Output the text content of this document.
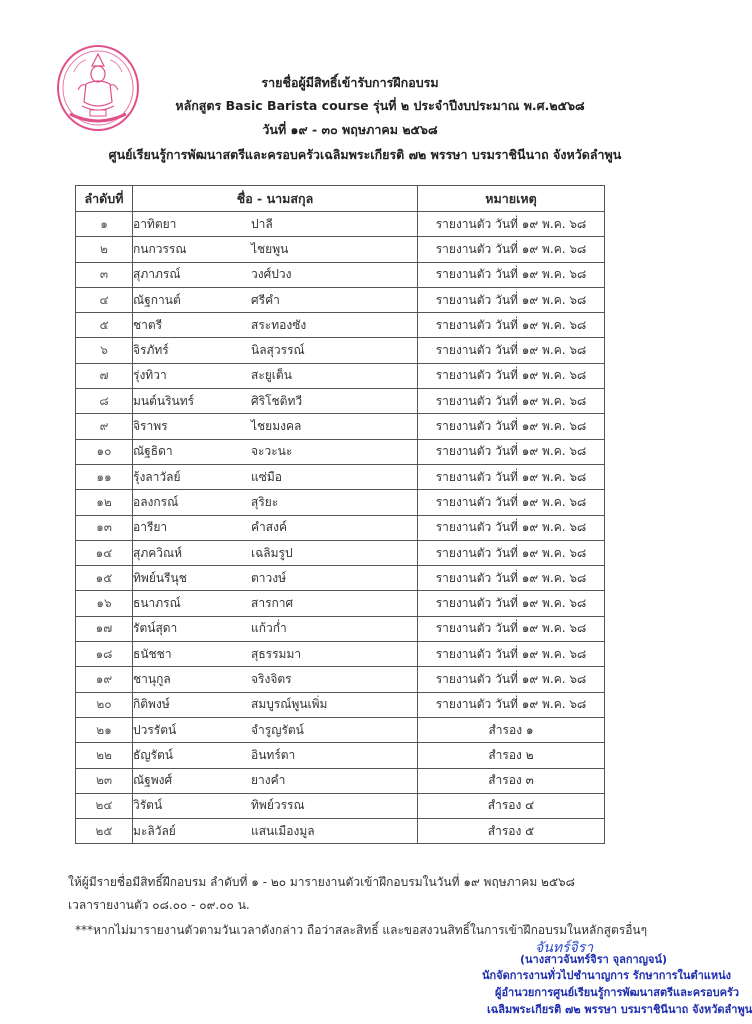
รายชื่อผู้มีสิทธิ์เข้ารับการฝึกอบรม
หลักสูตร Basic Barista course รุ่นที่ ๒ ประจำปีงบประมาณ พ.ศ.๒๕๖๘
วันที่ ๑๙ - ๓๐ พฤษภาคม ๒๕๖๘
ศูนย์เรียนรู้การพัฒนาสตรีและครอบครัวเฉลิมพระเกียรติ ๗๒ พรรษา บรมราชินีนาถ จังหวัดลำพูน
ลำดับที่	ชื่อ - นามสกุล	หมายเหตุ
๑	อาทิตยา ปาลี	รายงานตัว วันที่ ๑๙ พ.ค. ๖๘
๒	กนกวรรณ ไชยพูน	รายงานตัว วันที่ ๑๙ พ.ค. ๖๘
๓	สุภาภรณ์ วงศ์ปวง	รายงานตัว วันที่ ๑๙ พ.ค. ๖๘
๔	ณัฐกานต์ ศรีคำ	รายงานตัว วันที่ ๑๙ พ.ค. ๖๘
๕	ชาตรี สระทองซัง	รายงานตัว วันที่ ๑๙ พ.ค. ๖๘
๖	จิรภัทร์ นิลสุวรรณ์	รายงานตัว วันที่ ๑๙ พ.ค. ๖๘
๗	รุ่งทิวา สะยูเต็น	รายงานตัว วันที่ ๑๙ พ.ค. ๖๘
๘	มนต์นรินทร์ ศิริโชติทวี	รายงานตัว วันที่ ๑๙ พ.ค. ๖๘
๙	จิราพร ไชยมงคล	รายงานตัว วันที่ ๑๙ พ.ค. ๖๘
๑๐	ณัฐธิดา จะวะนะ	รายงานตัว วันที่ ๑๙ พ.ค. ๖๘
๑๑	รุ้งลาวัลย์ แซ่มือ	รายงานตัว วันที่ ๑๙ พ.ค. ๖๘
๑๒	อลงกรณ์ สุริยะ	รายงานตัว วันที่ ๑๙ พ.ค. ๖๘
๑๓	อารียา คำสงค์	รายงานตัว วันที่ ๑๙ พ.ค. ๖๘
๑๔	สุภควิณห์ เฉลิมรูป	รายงานตัว วันที่ ๑๙ พ.ค. ๖๘
๑๕	ทิพย์นรีนุช ตาวงษ์	รายงานตัว วันที่ ๑๙ พ.ค. ๖๘
๑๖	ธนาภรณ์ สารกาศ	รายงานตัว วันที่ ๑๙ พ.ค. ๖๘
๑๗	รัตน์สุดา แก้วก่ำ	รายงานตัว วันที่ ๑๙ พ.ค. ๖๘
๑๘	ธนัชชา สุธรรมมา	รายงานตัว วันที่ ๑๙ พ.ค. ๖๘
๑๙	ชานุกูล จริงจิตร	รายงานตัว วันที่ ๑๙ พ.ค. ๖๘
๒๐	กิติพงษ์ สมบูรณ์พูนเพิ่ม	รายงานตัว วันที่ ๑๙ พ.ค. ๖๘
๒๑	ปวรรัตน์ จำรูญรัตน์	สำรอง ๑
๒๒	ธัญรัตน์ อินทร์ตา	สำรอง ๒
๒๓	ณัฐพงศ์ ยางคำ	สำรอง ๓
๒๔	วิรัตน์ ทิพย์วรรณ	สำรอง ๔
๒๕	มะลิวัลย์ แสนเมืองมูล	สำรอง ๕
ให้ผู้มีรายชื่อมีสิทธิ์ฝึกอบรม ลำดับที่ ๑ - ๒๐ มารายงานตัวเข้าฝึกอบรมในวันที่ ๑๙ พฤษภาคม ๒๕๖๘
เวลารายงานตัว ๐๘.๐๐ - ๐๙.๐๐ น.
***หากไม่มารายงานตัวตามวันเวลาดังกล่าว ถือว่าสละสิทธิ์ และขอสงวนสิทธิ์ในการเข้าฝึกอบรมในหลักสูตรอื่นๆ
จันทร์จิรา
(นางสาวจันทร์จิรา จุลกาญจน์)
นักจัดการงานทั่วไปชำนาญการ รักษาการในตำแหน่ง
ผู้อำนวยการศูนย์เรียนรู้การพัฒนาสตรีและครอบครัว
เฉลิมพระเกียรติ ๗๒ พรรษา บรมราชินีนาถ จังหวัดลำพูน
